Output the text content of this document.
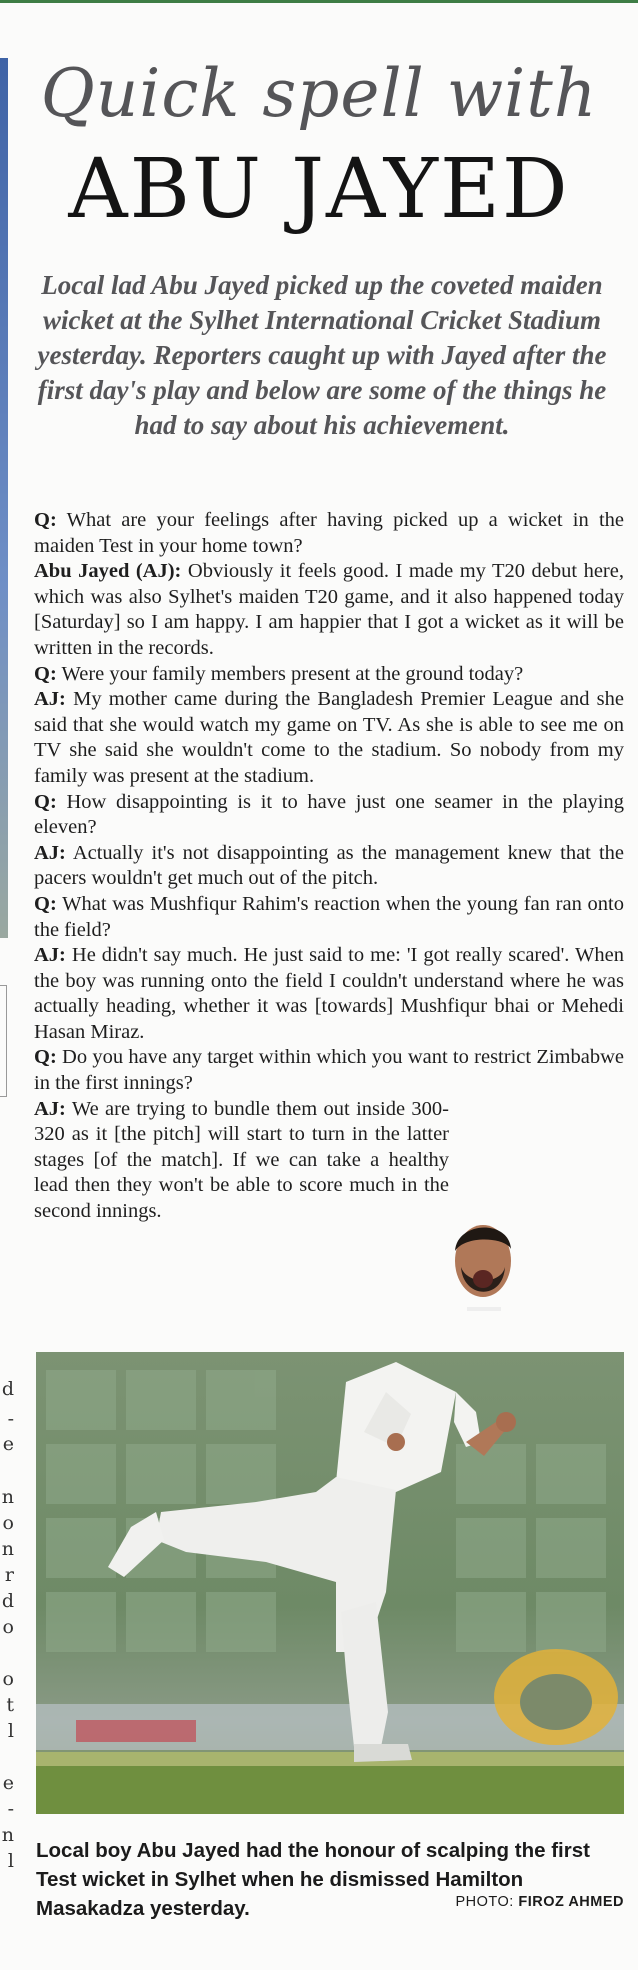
d
-
e
n
o
n
r
d
o
o
t
l
e
-
n
l
Quick spell with
ABU JAYED
Local lad Abu Jayed picked up the coveted maiden wicket at the Sylhet International Cricket Stadium yesterday. Reporters caught up with Jayed after the first day's play and below are some of the things he had to say about his achievement.

Q: What are your feelings after having picked up a wicket in the maiden Test in your home town?

Abu Jayed (AJ): Obviously it feels good. I made my T20 debut here, which was also Sylhet's maiden T20 game, and it also happened today [Saturday] so I am happy. I am happier that I got a wicket as it will be written in the records.

Q: Were your family members present at the ground today?

AJ: My mother came during the Bangladesh Premier League and she said that she would watch my game on TV. As she is able to see me on TV she said she wouldn't come to the stadium. So nobody from my family was present at the stadium.

Q: How disappointing is it to have just one seamer in the playing eleven?

AJ: Actually it's not disappointing as the management knew that the pacers wouldn't get much out of the pitch.

Q: What was Mushfiqur Rahim's reaction when the young fan ran onto the field?

AJ: He didn't say much. He just said to me: 'I got really scared'. When the boy was running onto the field I couldn't understand where he was actually heading, whether it was [towards] Mushfiqur bhai or Mehedi Hasan Miraz.

Q: Do you have any target within which you want to restrict Zimbabwe in the first innings?

AJ: We are trying to bundle them out inside 300-320 as it [the pitch] will start to turn in the latter stages [of the match]. If we can take a healthy lead then they won't be able to score much in the second innings.

Local boy Abu Jayed had the honour of scalping the first Test wicket in Sylhet when he dismissed Hamilton Masakadza yesterday.	PHOTO: FIROZ AHMED
